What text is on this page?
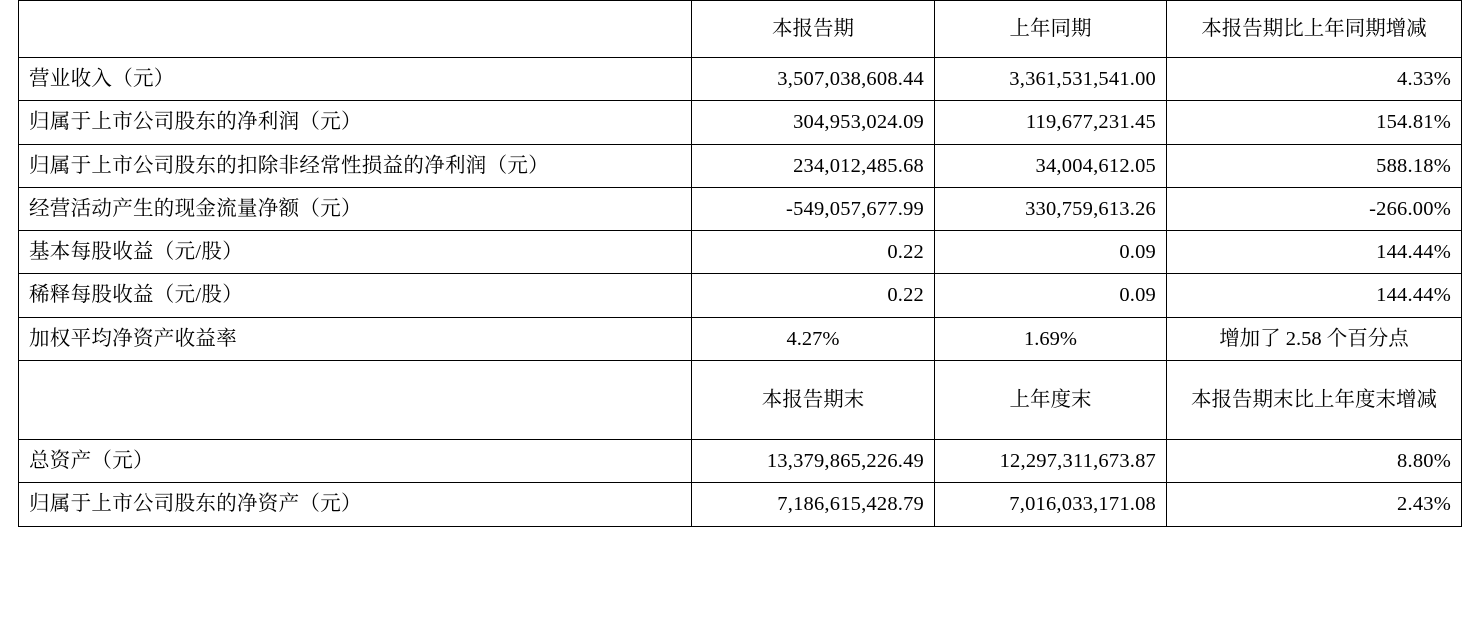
	本报告期	上年同期	本报告期比上年同期增减
营业收入（元）	3,507,038,608.44	3,361,531,541.00	4.33%
归属于上市公司股东的净利润（元）	304,953,024.09	119,677,231.45	154.81%
归属于上市公司股东的扣除非经常性损益的净利润（元）	234,012,485.68	34,004,612.05	588.18%
经营活动产生的现金流量净额（元）	-549,057,677.99	330,759,613.26	-266.00%
基本每股收益（元/股）	0.22	0.09	144.44%
稀释每股收益（元/股）	0.22	0.09	144.44%
加权平均净资产收益率	4.27%	1.69%	增加了 2.58 个百分点
	本报告期末	上年度末	本报告期末比上年度末增减
总资产（元）	13,379,865,226.49	12,297,311,673.87	8.80%
归属于上市公司股东的净资产（元）	7,186,615,428.79	7,016,033,171.08	2.43%
